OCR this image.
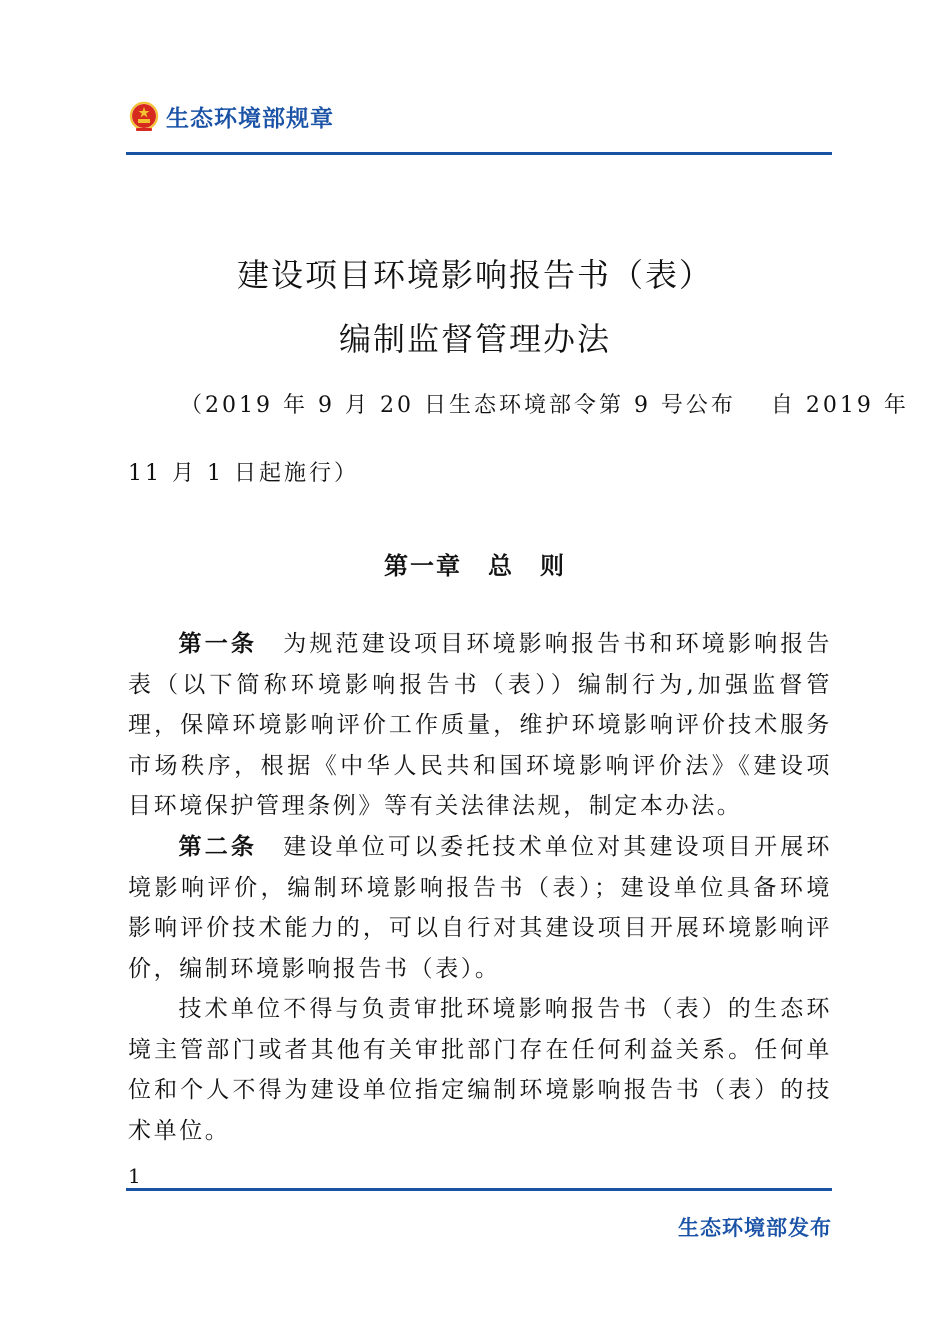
生态环境部规章
建设项目环境影响报告书（表）
编制监督管理办法
（2019 年 9 月 20 日生态环境部令第 9 号公布　 自 2019 年
11 月 1 日起施行）
第一章　总　则
第一条　 为规范建设项目环境影响报告书和环境影响报告表（以下简称环境影响报告书（表））编制行为,加强监督管理，保障环境影响评价工作质量，维护环境影响评价技术服务市场秩序，根据《中华人民共和国环境影响评价法》《建设项目环境保护管理条例》等有关法律法规，制定本办法。
第二条　 建设单位可以委托技术单位对其建设项目开展环境影响评价，编制环境影响报告书（表）；建设单位具备环境影响评价技术能力的，可以自行对其建设项目开展环境影响评价，编制环境影响报告书（表）。
技术单位不得与负责审批环境影响报告书（表）的生态环境主管部门或者其他有关审批部门存在任何利益关系。任何单位和个人不得为建设单位指定编制环境影响报告书（表）的技术单位。
1
生态环境部发布
